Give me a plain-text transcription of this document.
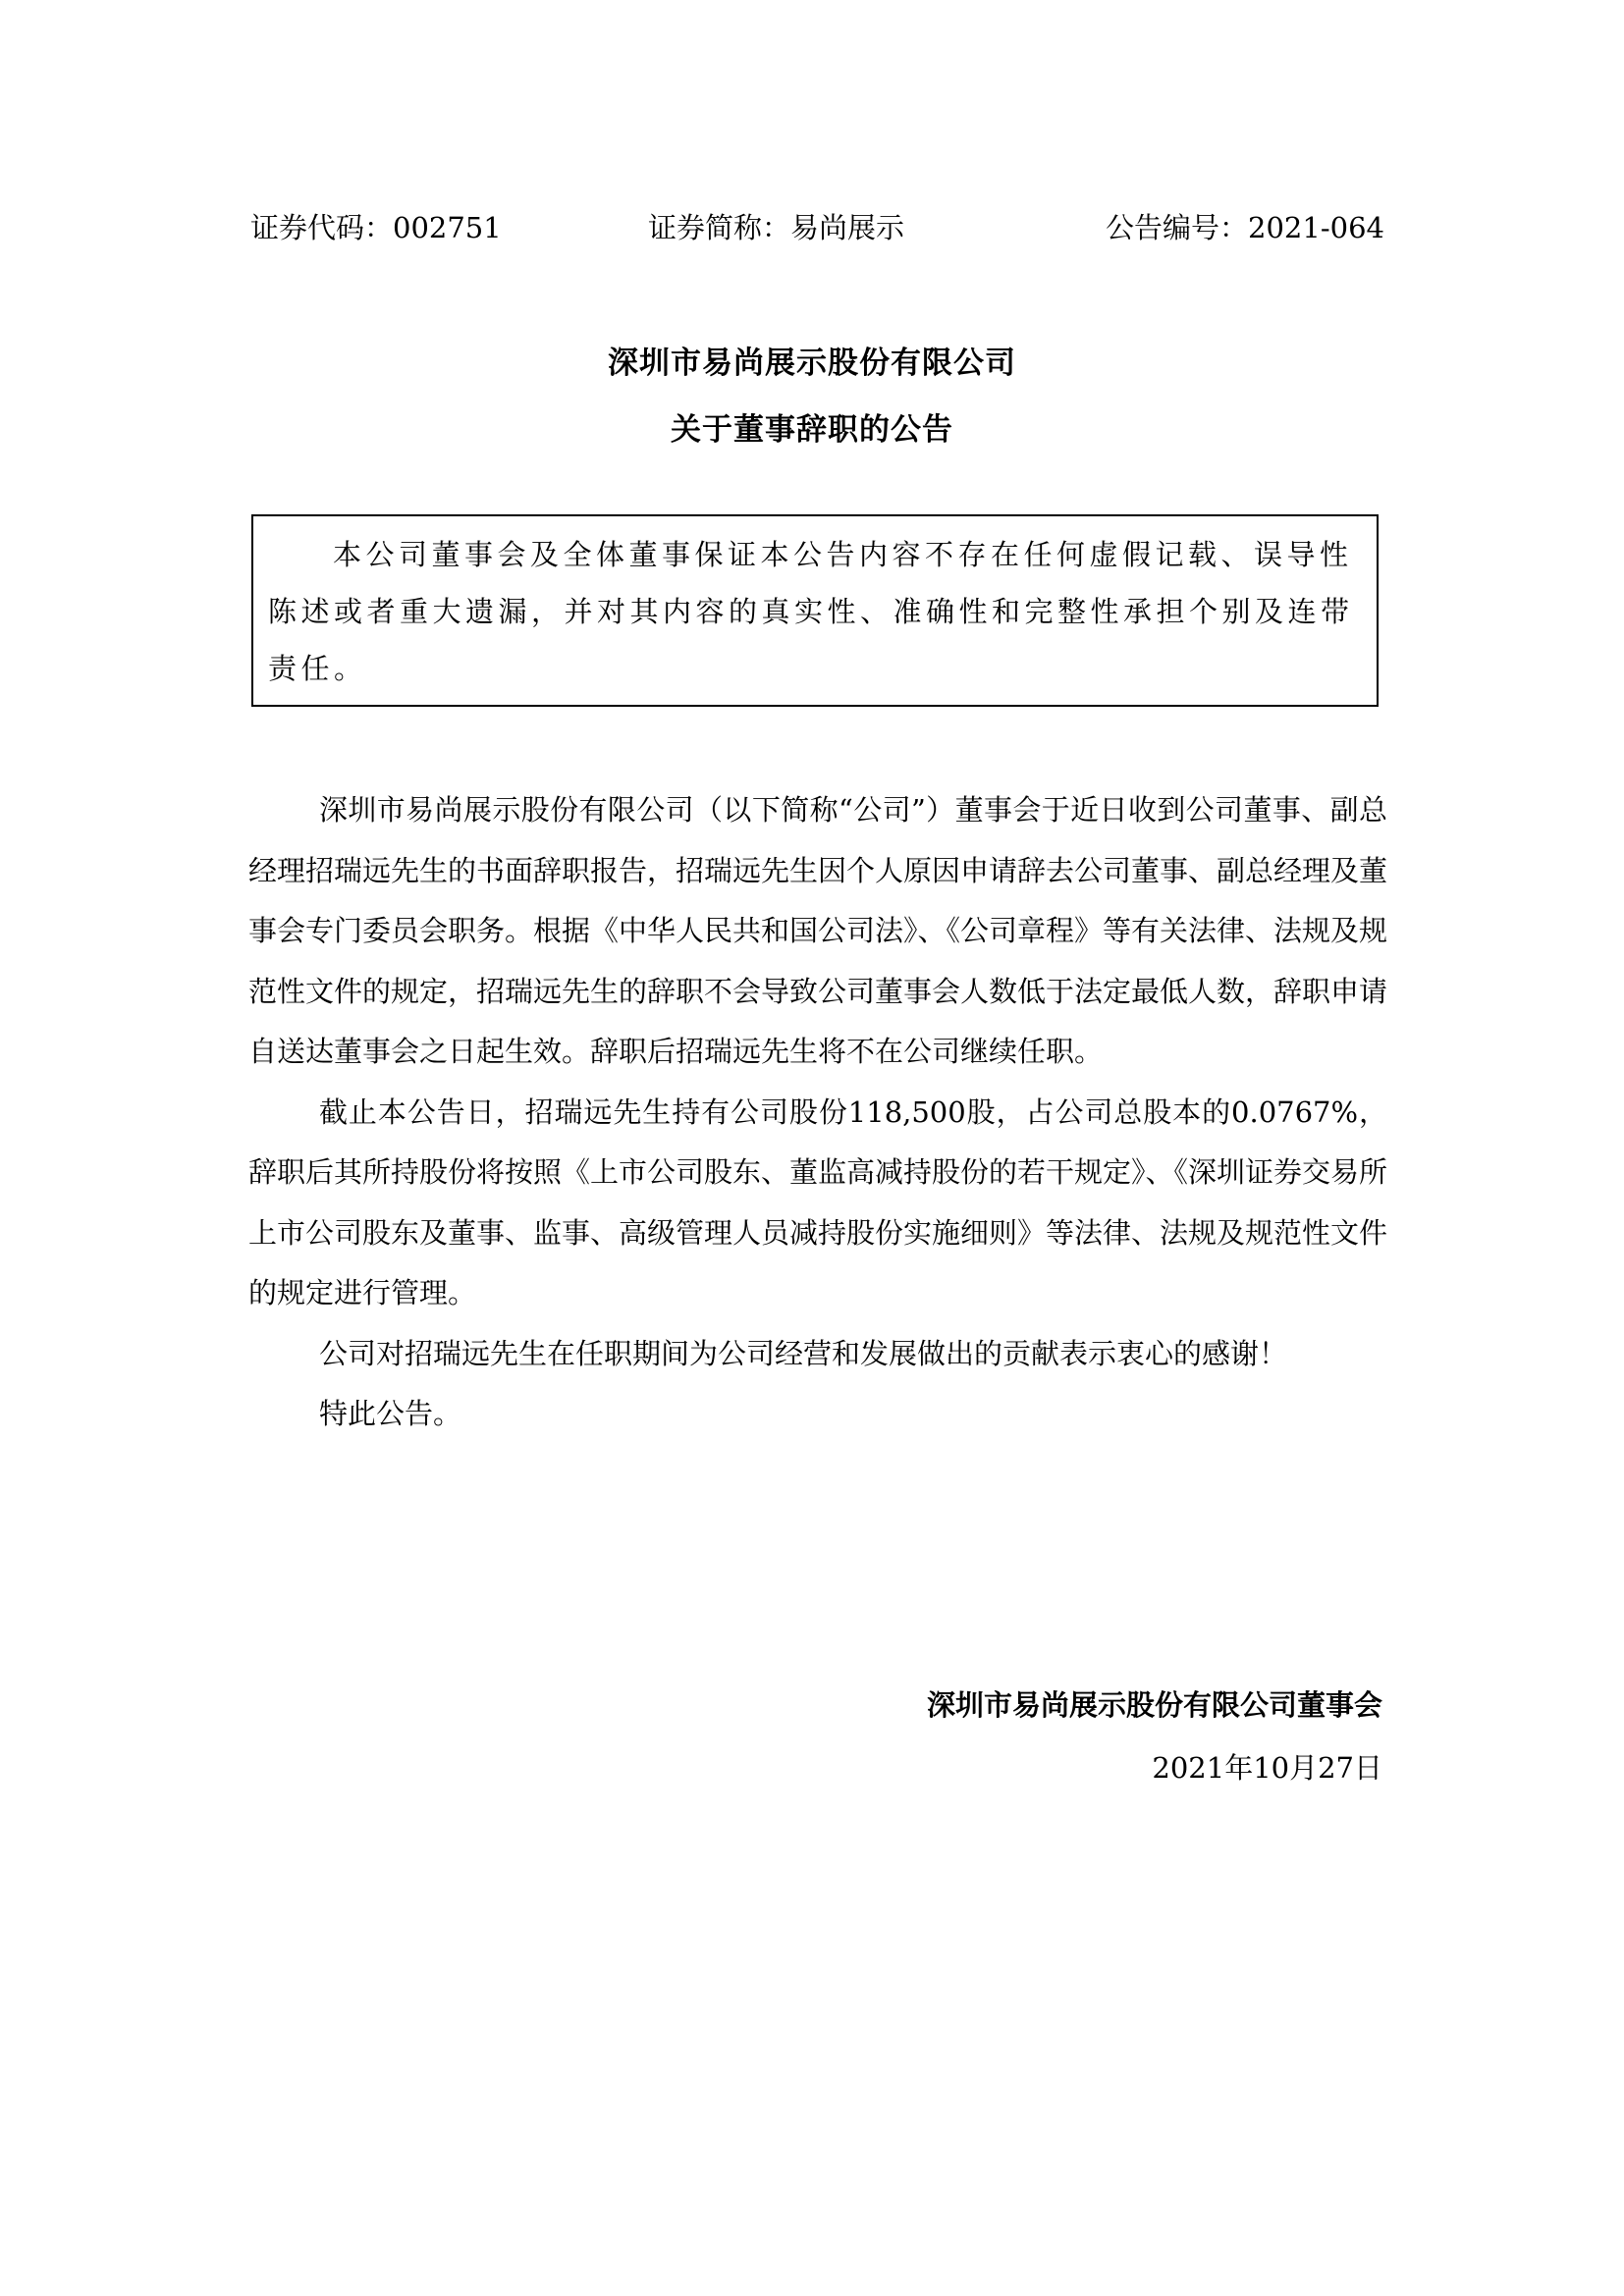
证券代码：002751	证券简称：易尚展示	公告编号：2021-064
深圳市易尚展示股份有限公司
关于董事辞职的公告
本公司董事会及全体董事保证本公告内容不存在任何虚假记载、误导性陈述或者重大遗漏，并对其内容的真实性、准确性和完整性承担个别及连带责任。

深圳市易尚展示股份有限公司（以下简称“公司”）董事会于近日收到公司董事、副总经理招瑞远先生的书面辞职报告，招瑞远先生因个人原因申请辞去公司董事、副总经理及董事会专门委员会职务。根据《中华人民共和国公司法》、《公司章程》等有关法律、法规及规范性文件的规定，招瑞远先生的辞职不会导致公司董事会人数低于法定最低人数，辞职申请自送达董事会之日起生效。辞职后招瑞远先生将不在公司继续任职。

截止本公告日，招瑞远先生持有公司股份118,500股，占公司总股本的0.0767%，辞职后其所持股份将按照《上市公司股东、董监高减持股份的若干规定》、《深圳证券交易所上市公司股东及董事、监事、高级管理人员减持股份实施细则》等法律、法规及规范性文件的规定进行管理。

公司对招瑞远先生在任职期间为公司经营和发展做出的贡献表示衷心的感谢！

特此公告。

深圳市易尚展示股份有限公司董事会
2021年10月27日
